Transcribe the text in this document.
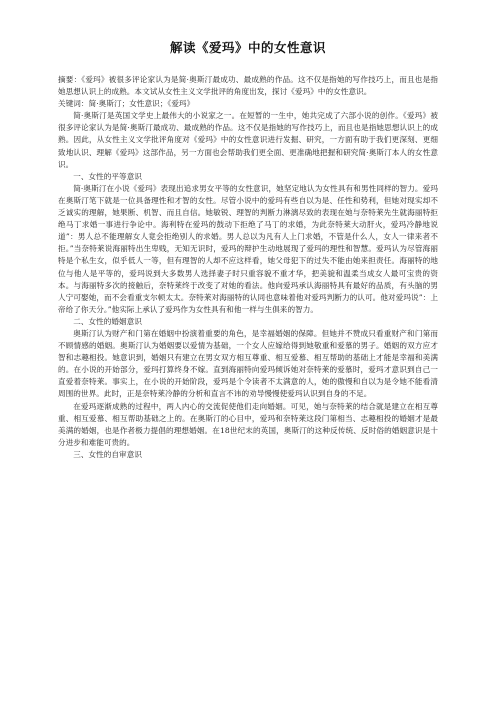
解读《爱玛》中的女性意识

摘要：《爱玛》被很多评论家认为是简·奥斯汀最成功、最成熟的作品。这不仅是指她的写作技巧上，而且也是指她思想认识上的成熟。本文试从女性主义文学批评的角度出发，探讨《爱玛》中的女性意识。

关键词：简·奥斯汀；女性意识；《爱玛》

简·奥斯汀是英国文学史上最伟大的小说家之一。在短暂的一生中，她共完成了六部小说的创作。《爱玛》被很多评论家认为是简·奥斯汀最成功、最成熟的作品。这不仅是指她的写作技巧上，而且也是指她思想认识上的成熟。因此，从女性主义文学批评角度对《爱玛》中的女性意识进行发掘、研究，一方面有助于我们更深刻、更细致地认识、理解《爱玛》这部作品，另一方面也会帮助我们更全面、更准确地把握和研究简·奥斯汀本人的女性意识。

一、女性的平等意识

简·奥斯汀在小说《爱玛》表现出追求男女平等的女性意识，她坚定地认为女性具有和男性同样的智力。爱玛在奥斯汀笔下就是一位具备理性和才智的女性。尽管小说中的爱玛有些自以为是、任性和势利，但她对现实却不乏诚实的理解，她果断、机智、而且自信。她敏锐、理智的判断力淋漓尽致的表现在她与奈特莱先生就海丽特拒绝马丁求婚一事进行争论中。海利特在爱玛的鼓动下拒绝了马丁的求婚，为此奈特莱大动肝火，爱玛冷静地说道”：男人总不能理解女人竟会拒绝别人的求婚。男人总以为凡有人上门求婚，不管是什么人，女人一律来者不拒。”当奈特莱说海丽特出生卑贱，无知无识时，爱玛的辩护生动地展现了爱玛的理性和智慧。爱玛认为尽管海丽特是个私生女，似乎低人一等，但有理智的人却不应这样看，她父母犯下的过失不能由她来担责任。海丽特的地位与他人是平等的，爱玛说到大多数男人选择妻子时只重容貌不重才华，把美貌和温柔当成女人最可宝贵的资本。与海丽特多次的接触后，奈特莱终于改变了对她的看法。他向爱玛承认海丽特具有最好的品质，有头脑的男人宁可娶她，而不会看重支尔顿太太。奈特莱对海丽特的认同也意味着他对爱玛判断力的认可。他对爱玛说”：上帝给了你天分。”他实际上承认了爱玛作为女性具有和他一样与生俱来的智力。

二、女性的婚姻意识

奥斯汀认为财产和门第在婚姻中扮演着重要的角色，是幸福婚姻的保障。但她并不赞成只看重财产和门第而不顾情感的婚姻。奥斯汀认为婚姻要以爱情为基础，一个女人应嫁给得到她敬重和爱慕的男子。婚姻的双方应才智和志趣相投。她意识到，婚姻只有建立在男女双方相互尊重、相互爱慕、相互帮助的基础上才能是幸福和美满的。在小说的开始部分，爱玛打算终身不嫁。直到海丽特向爱玛倾诉她对奈特莱的爱慕时，爱玛才意识到自己一直爱着奈特莱。事实上，在小说的开始阶段，爱玛是个令读者不太满意的人，她的傲慢和自以为是令她不能看清周围的世界。此时，正是奈特莱冷静的分析和直言不讳的劝导慢慢使爱玛认识到自身的不足。

在爱玛逐渐成熟的过程中，两人内心的交流促使他们走向婚姻。可见，她与奈特莱的结合就是建立在相互尊重、相互爱慕、相互帮助基础之上的。在奥斯汀的心目中，爱玛和奈特莱这段门第相当、志趣相投的婚姻才是最美满的婚姻，也是作者极力提倡的理想婚姻。在18世纪末的英国，奥斯汀的这种反传统、反时俗的婚姻意识是十分进步和难能可贵的。

三、女性的自审意识
